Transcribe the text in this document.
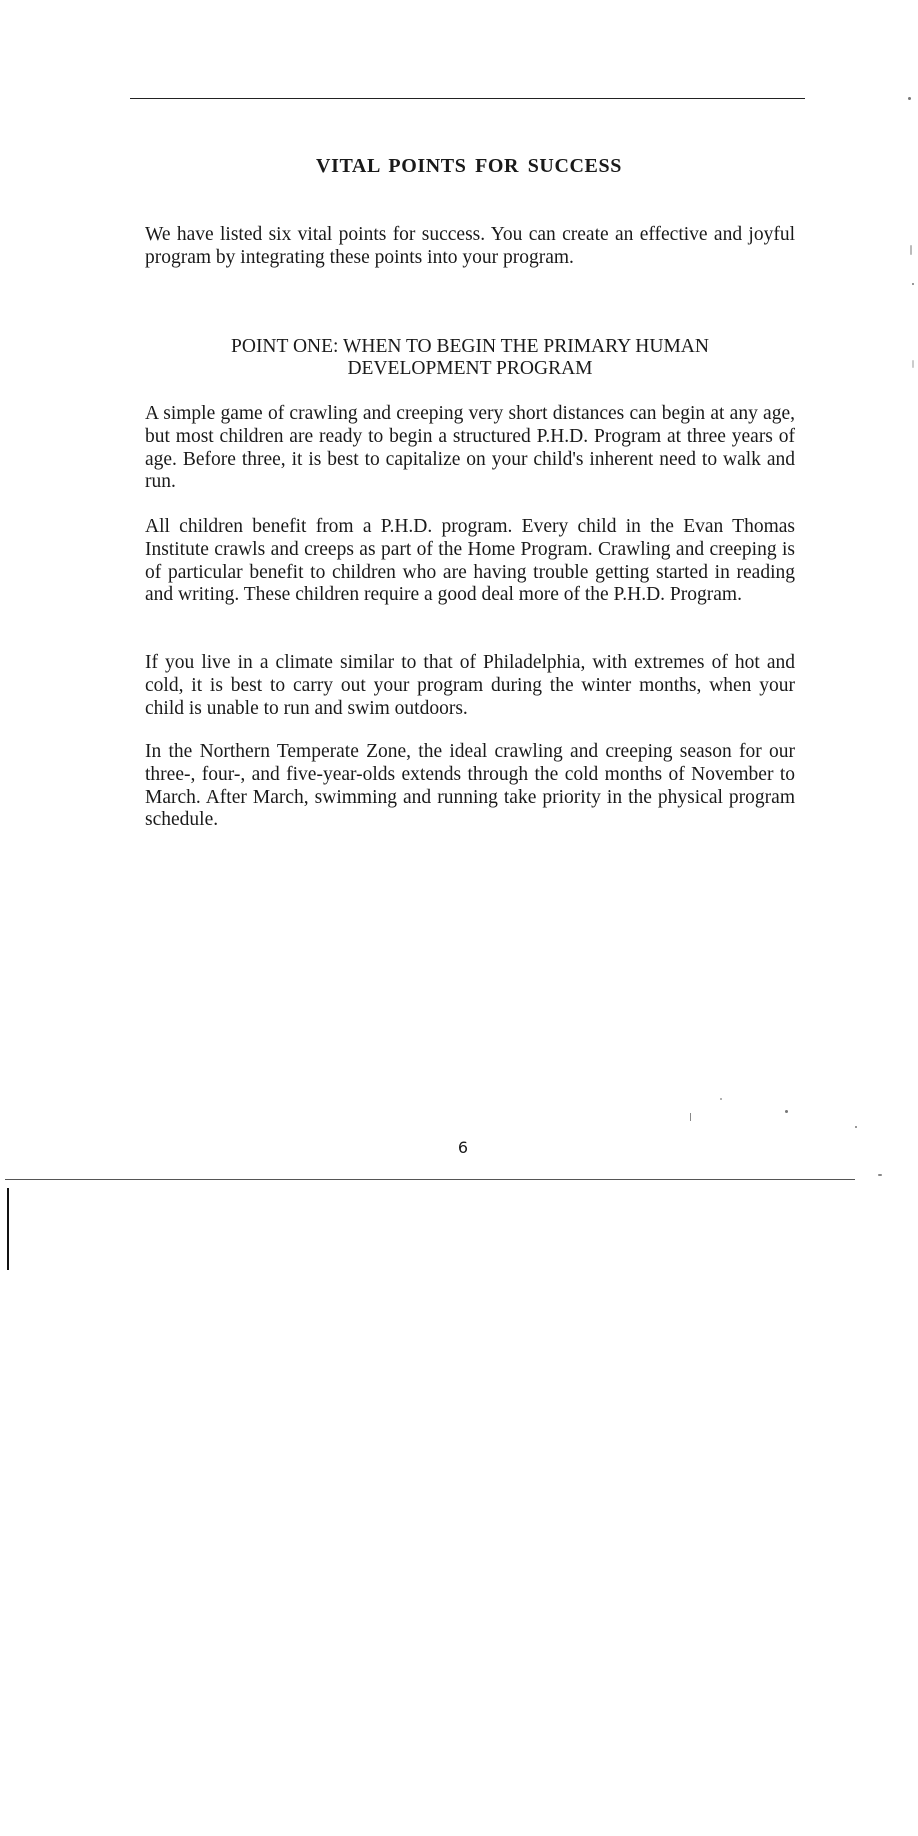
VITAL POINTS FOR SUCCESS

We have listed six vital points for success. You can create an effective and joyful program by integrating these points into your program.

POINT ONE: WHEN TO BEGIN THE PRIMARY HUMAN
DEVELOPMENT PROGRAM

A simple game of crawling and creeping very short distances can begin at any age, but most children are ready to begin a structured P.H.D. Program at three years of age. Before three, it is best to capitalize on your child's inherent need to walk and run.

All children benefit from a P.H.D. program. Every child in the Evan Thomas Institute crawls and creeps as part of the Home Program. Crawling and creeping is of particular benefit to children who are having trouble getting started in reading and writing. These children require a good deal more of the P.H.D. Program.

If you live in a climate similar to that of Philadelphia, with extremes of hot and cold, it is best to carry out your program during the winter months, when your child is unable to run and swim outdoors.

In the Northern Temperate Zone, the ideal crawling and creeping season for our three-, four-, and five-year-olds extends through the cold months of November to March. After March, swimming and running take priority in the physical program schedule.

6
